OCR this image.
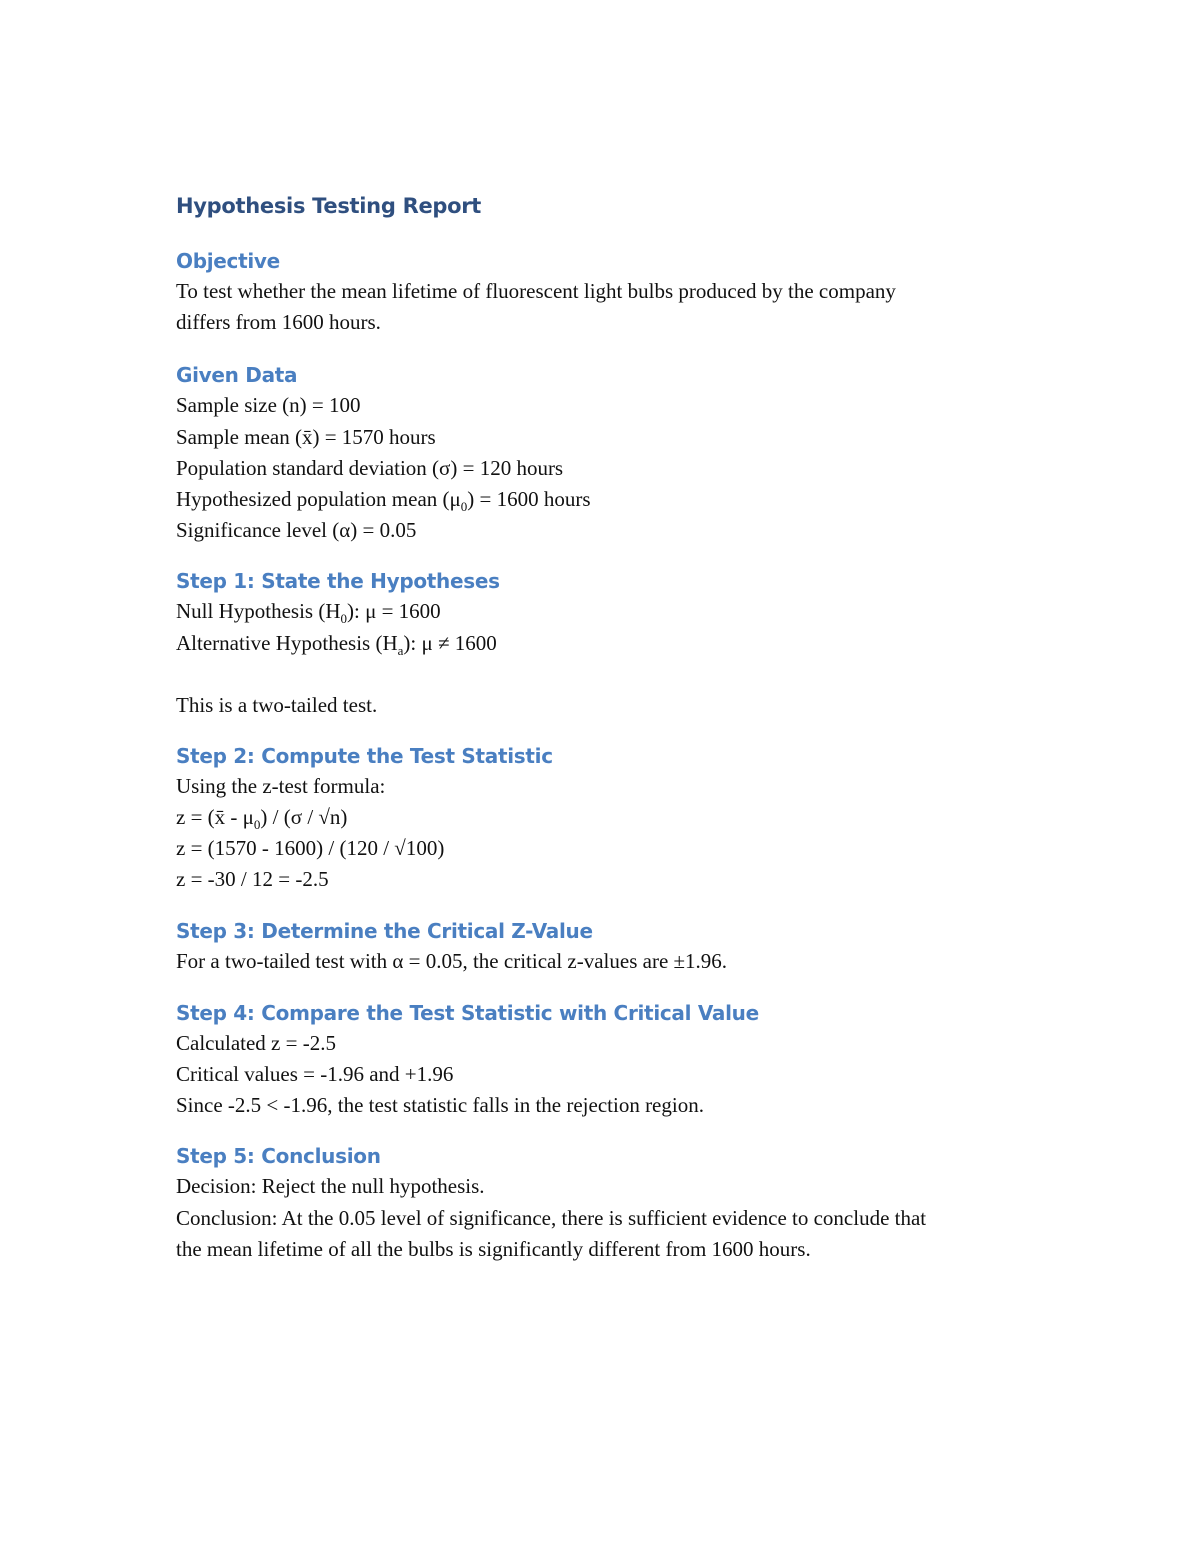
Hypothesis Testing Report
Objective

To test whether the mean lifetime of fluorescent light bulbs produced by the company

differs from 1600 hours.

Given Data

Sample size (n) = 100

Sample mean (x̄) = 1570 hours

Population standard deviation (σ) = 120 hours

Hypothesized population mean $(\mu_0) = 1600$ hours

Significance level (α) = 0.05

Step 1: State the Hypotheses

Null Hypothesis $(H_0)$: μ = 1600

Alternative Hypothesis $(H_a)$: μ ≠ 1600

This is a two-tailed test.

Step 2: Compute the Test Statistic

Using the z-test formula:

z = (x̄ - $\mu_0) / (\sigma / √n)$

z = (1570 - 1600) / (120 / √100)

z = -30 / 12 = -2.5

Step 3: Determine the Critical Z-Value

For a two-tailed test with α = 0.05, the critical z-values are ±1.96.

Step 4: Compare the Test Statistic with Critical Value

Calculated z = -2.5

Critical values = -1.96 and +1.96

Since -2.5 < -1.96, the test statistic falls in the rejection region.

Step 5: Conclusion

Decision: Reject the null hypothesis.

Conclusion: At the 0.05 level of significance, there is sufficient evidence to conclude that

the mean lifetime of all the bulbs is significantly different from 1600 hours.
